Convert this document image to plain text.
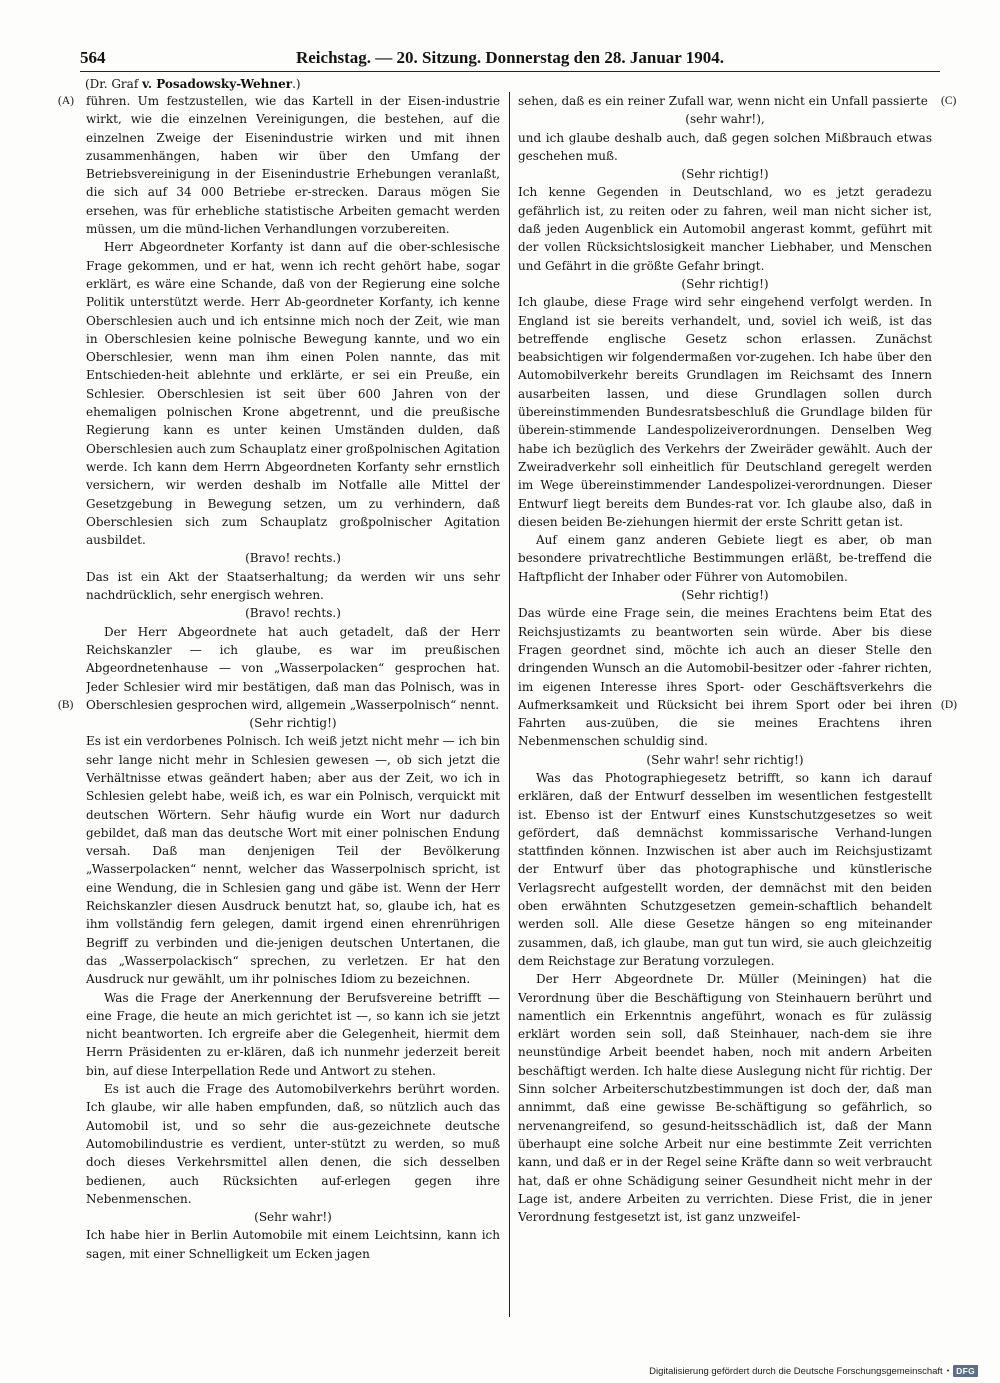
564	Reichstag. — 20. Sitzung. Donnerstag den 28. Januar 1904.
(Dr. Graf v. Posadowsky-Wehner.)
(A)
(B)
(C)
(D)

führen. Um festzustellen, wie das Kartell in der Eisen-industrie wirkt, wie die einzelnen Vereinigungen, die bestehen, auf die einzelnen Zweige der Eisenindustrie wirken und mit ihnen zusammenhängen, haben wir über den Umfang der Betriebsvereinigung in der Eisenindustrie Erhebungen veranlaßt, die sich auf 34 000 Betriebe er-strecken. Daraus mögen Sie ersehen, was für erhebliche statistische Arbeiten gemacht werden müssen, um die münd-lichen Verhandlungen vorzubereiten.

Herr Abgeordneter Korfanty ist dann auf die ober-schlesische Frage gekommen, und er hat, wenn ich recht gehört habe, sogar erklärt, es wäre eine Schande, daß von der Regierung eine solche Politik unterstützt werde. Herr Ab-geordneter Korfanty, ich kenne Oberschlesien auch und ich entsinne mich noch der Zeit, wie man in Oberschlesien keine polnische Bewegung kannte, und wo ein Oberschlesier, wenn man ihm einen Polen nannte, das mit Entschieden-heit ablehnte und erklärte, er sei ein Preuße, ein Schlesier. Oberschlesien ist seit über 600 Jahren von der ehemaligen polnischen Krone abgetrennt, und die preußische Regierung kann es unter keinen Umständen dulden, daß Oberschlesien auch zum Schauplatz einer großpolnischen Agitation werde. Ich kann dem Herrn Abgeordneten Korfanty sehr ernstlich versichern, wir werden deshalb im Notfalle alle Mittel der Gesetzgebung in Bewegung setzen, um zu verhindern, daß Oberschlesien sich zum Schauplatz großpolnischer Agitation ausbildet.

(Bravo! rechts.)

Das ist ein Akt der Staatserhaltung; da werden wir uns sehr nachdrücklich, sehr energisch wehren.

(Bravo! rechts.)

Der Herr Abgeordnete hat auch getadelt, daß der Herr Reichskanzler — ich glaube, es war im preußischen Abgeordnetenhause — von „Wasserpolacken“ gesprochen hat. Jeder Schlesier wird mir bestätigen, daß man das Polnisch, was in Oberschlesien gesprochen wird, allgemein „Wasserpolnisch“ nennt.

(Sehr richtig!)

Es ist ein verdorbenes Polnisch. Ich weiß jetzt nicht mehr — ich bin sehr lange nicht mehr in Schlesien gewesen —, ob sich jetzt die Verhältnisse etwas geändert haben; aber aus der Zeit, wo ich in Schlesien gelebt habe, weiß ich, es war ein Polnisch, verquickt mit deutschen Wörtern. Sehr häufig wurde ein Wort nur dadurch gebildet, daß man das deutsche Wort mit einer polnischen Endung versah. Daß man denjenigen Teil der Bevölkerung „Wasserpolacken“ nennt, welcher das Wasserpolnisch spricht, ist eine Wendung, die in Schlesien gang und gäbe ist. Wenn der Herr Reichskanzler diesen Ausdruck benutzt hat, so, glaube ich, hat es ihm vollständig fern gelegen, damit irgend einen ehrenrührigen Begriff zu verbinden und die-jenigen deutschen Untertanen, die das „Wasserpolackisch“ sprechen, zu verletzen. Er hat den Ausdruck nur gewählt, um ihr polnisches Idiom zu bezeichnen.

Was die Frage der Anerkennung der Berufsvereine betrifft — eine Frage, die heute an mich gerichtet ist —, so kann ich sie jetzt nicht beantworten. Ich ergreife aber die Gelegenheit, hiermit dem Herrn Präsidenten zu er-klären, daß ich nunmehr jederzeit bereit bin, auf diese Interpellation Rede und Antwort zu stehen.

Es ist auch die Frage des Automobilverkehrs berührt worden. Ich glaube, wir alle haben empfunden, daß, so nützlich auch das Automobil ist, und so sehr die aus-gezeichnete deutsche Automobilindustrie es verdient, unter-stützt zu werden, so muß doch dieses Verkehrsmittel allen denen, die sich desselben bedienen, auch Rücksichten auf-erlegen gegen ihre Nebenmenschen.

(Sehr wahr!)

Ich habe hier in Berlin Automobile mit einem Leichtsinn, kann ich sagen, mit einer Schnelligkeit um Ecken jagen

sehen, daß es ein reiner Zufall war, wenn nicht ein Unfall passierte

(sehr wahr!),

und ich glaube deshalb auch, daß gegen solchen Mißbrauch etwas geschehen muß.

(Sehr richtig!)

Ich kenne Gegenden in Deutschland, wo es jetzt geradezu gefährlich ist, zu reiten oder zu fahren, weil man nicht sicher ist, daß jeden Augenblick ein Automobil angerast kommt, geführt mit der vollen Rücksichtslosigkeit mancher Liebhaber, und Menschen und Gefährt in die größte Gefahr bringt.

(Sehr richtig!)

Ich glaube, diese Frage wird sehr eingehend verfolgt werden. In England ist sie bereits verhandelt, und, soviel ich weiß, ist das betreffende englische Gesetz schon erlassen. Zunächst beabsichtigen wir folgendermaßen vor-zugehen. Ich habe über den Automobilverkehr bereits Grundlagen im Reichsamt des Innern ausarbeiten lassen, und diese Grundlagen sollen durch übereinstimmenden Bundesratsbeschluß die Grundlage bilden für überein-stimmende Landespolizeiverordnungen. Denselben Weg habe ich bezüglich des Verkehrs der Zweiräder gewählt. Auch der Zweiradverkehr soll einheitlich für Deutschland geregelt werden im Wege übereinstimmender Landespolizei-verordnungen. Dieser Entwurf liegt bereits dem Bundes-rat vor. Ich glaube also, daß in diesen beiden Be-ziehungen hiermit der erste Schritt getan ist.

Auf einem ganz anderen Gebiete liegt es aber, ob man besondere privatrechtliche Bestimmungen erläßt, be-treffend die Haftpflicht der Inhaber oder Führer von Automobilen.

(Sehr richtig!)

Das würde eine Frage sein, die meines Erachtens beim Etat des Reichsjustizamts zu beantworten sein würde. Aber bis diese Fragen geordnet sind, möchte ich auch an dieser Stelle den dringenden Wunsch an die Automobil-besitzer oder -fahrer richten, im eigenen Interesse ihres Sport- oder Geschäftsverkehrs die Aufmerksamkeit und Rücksicht bei ihrem Sport oder bei ihren Fahrten aus-zuüben, die sie meines Erachtens ihren Nebenmenschen schuldig sind.

(Sehr wahr! sehr richtig!)

Was das Photographiegesetz betrifft, so kann ich darauf erklären, daß der Entwurf desselben im wesentlichen festgestellt ist. Ebenso ist der Entwurf eines Kunstschutzgesetzes so weit gefördert, daß demnächst kommissarische Verhand-lungen stattfinden können. Inzwischen ist aber auch im Reichsjustizamt der Entwurf über das photographische und künstlerische Verlagsrecht aufgestellt worden, der demnächst mit den beiden oben erwähnten Schutzgesetzen gemein-schaftlich behandelt werden soll. Alle diese Gesetze hängen so eng miteinander zusammen, daß, ich glaube, man gut tun wird, sie auch gleichzeitig dem Reichstage zur Beratung vorzulegen.

Der Herr Abgeordnete Dr. Müller (Meiningen) hat die Verordnung über die Beschäftigung von Steinhauern berührt und namentlich ein Erkenntnis angeführt, wonach es für zulässig erklärt worden sein soll, daß Steinhauer, nach-dem sie ihre neunstündige Arbeit beendet haben, noch mit andern Arbeiten beschäftigt werden. Ich halte diese Auslegung nicht für richtig. Der Sinn solcher Arbeiterschutzbestimmungen ist doch der, daß man annimmt, daß eine gewisse Be-schäftigung so gefährlich, so nervenangreifend, so gesund-heitsschädlich ist, daß der Mann überhaupt eine solche Arbeit nur eine bestimmte Zeit verrichten kann, und daß er in der Regel seine Kräfte dann so weit verbraucht hat, daß er ohne Schädigung seiner Gesundheit nicht mehr in der Lage ist, andere Arbeiten zu verrichten. Diese Frist, die in jener Verordnung festgesetzt ist, ist ganz unzweifel-

Digitalisierung gefördert durch die Deutsche Forschungsgemeinschaft • DFG
